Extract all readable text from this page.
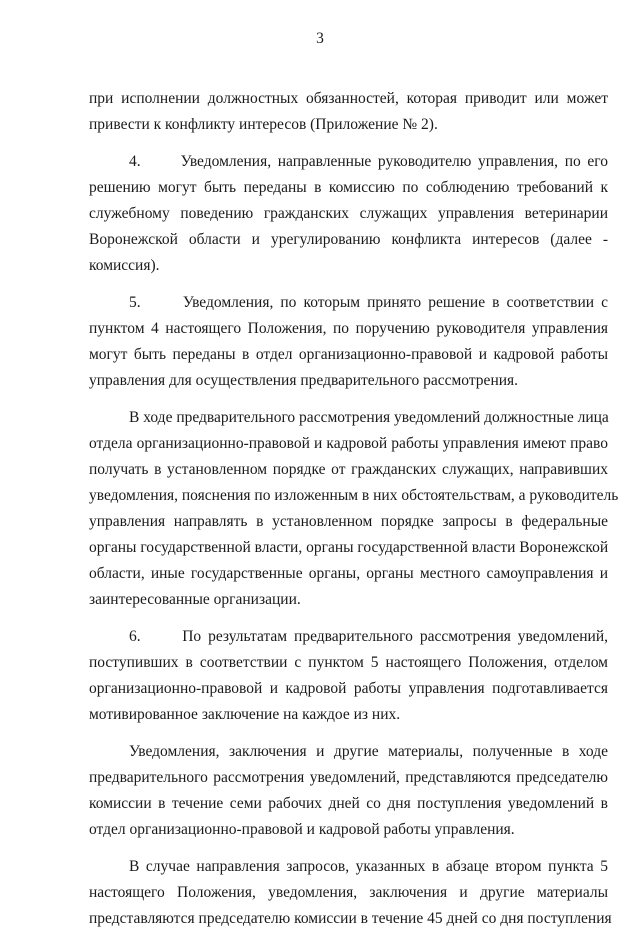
3
при исполнении должностных обязанностей, которая приводит или может
привести к конфликту интересов (Приложение № 2).
4.      Уведомления, направленные руководителю управления, по его
решению могут быть переданы в комиссию по соблюдению требований к
служебному поведению гражданских служащих управления ветеринарии
Воронежской области и урегулированию конфликта интересов (далее -
комиссия).
5.      Уведомления, по которым принято решение в соответствии с
пунктом 4 настоящего Положения, по поручению руководителя управления
могут быть переданы в отдел организационно-правовой и кадровой работы
управления для осуществления предварительного рассмотрения.
В ходе предварительного рассмотрения уведомлений должностные лица
отдела организационно-правовой и кадровой работы управления имеют право
получать в установленном порядке от гражданских служащих, направивших
уведомления, пояснения по изложенным в них обстоятельствам, а руководитель
управления направлять в установленном порядке запросы в федеральные
органы государственной власти, органы государственной власти Воронежской
области, иные государственные органы, органы местного самоуправления и
заинтересованные организации.
6.      По результатам предварительного рассмотрения уведомлений,
поступивших в соответствии с пунктом 5 настоящего Положения, отделом
организационно-правовой и кадровой работы управления подготавливается
мотивированное заключение на каждое из них.
Уведомления, заключения и другие материалы, полученные в ходе
предварительного рассмотрения уведомлений, представляются председателю
комиссии в течение семи рабочих дней со дня поступления уведомлений в
отдел организационно-правовой и кадровой работы управления.
В случае направления запросов, указанных в абзаце втором пункта 5
настоящего Положения, уведомления, заключения и другие материалы
представляются председателю комиссии в течение 45 дней со дня поступления
